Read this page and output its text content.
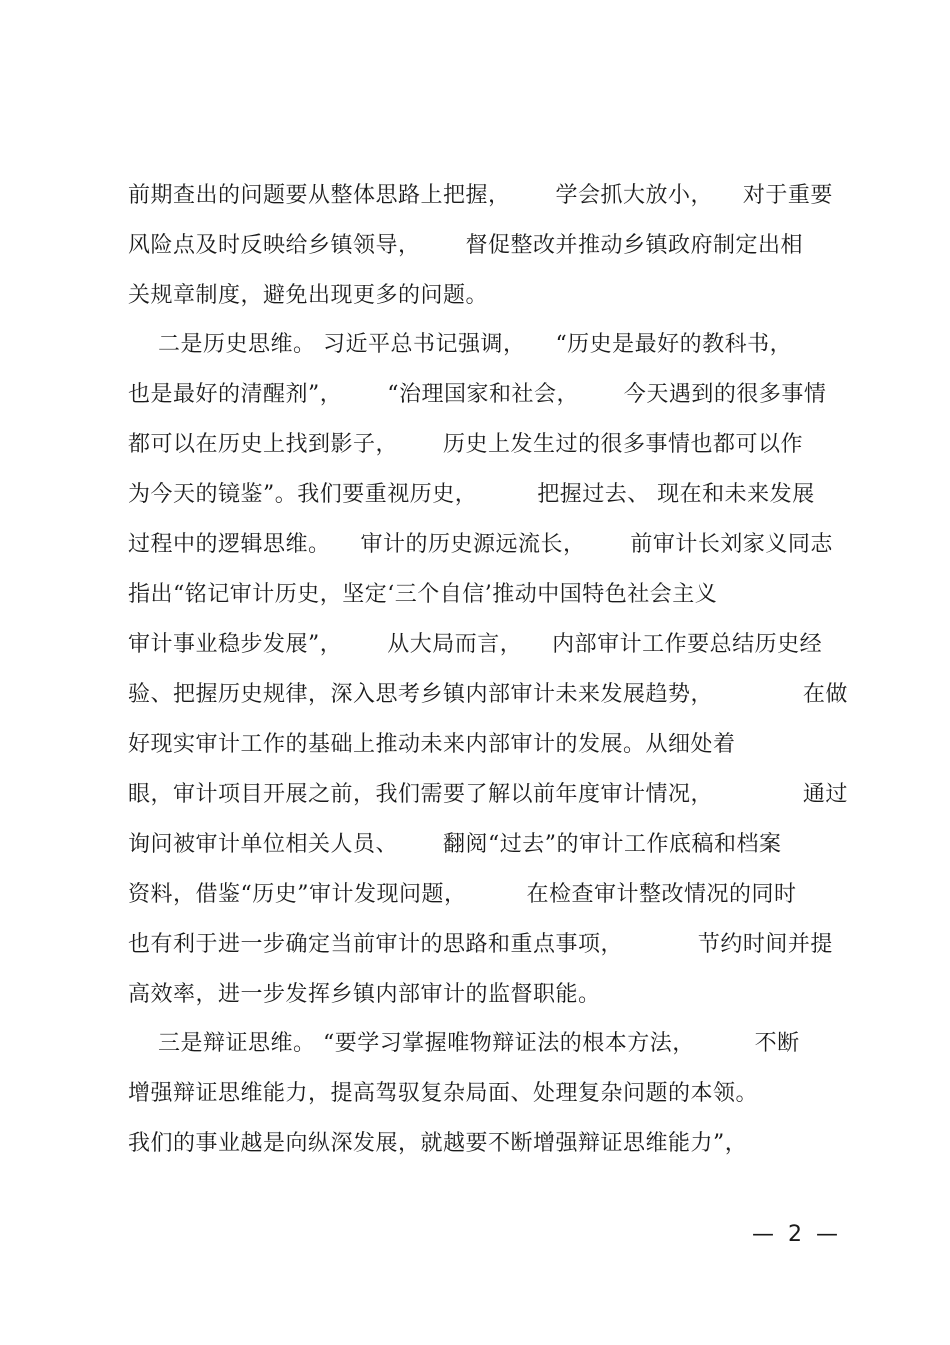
前期查出的问题要从整体思路上把握，      学会抓大放小，    对于重要
风险点及时反映给乡镇领导，      督促整改并推动乡镇政府制定出相
关规章制度，避免出现更多的问题。
二是历史思维。 习近平总书记强调，    “历史是最好的教科书，
也是最好的清醒剂”，      “治理国家和社会，      今天遇到的很多事情
都可以在历史上找到影子，      历史上发生过的很多事情也都可以作
为今天的镜鉴”。我们要重视历史，        把握过去、 现在和未来发展
过程中的逻辑思维。    审计的历史源远流长，      前审计长刘家义同志
指出“铭记审计历史，坚定‘三个自信’推动中国特色社会主义
审计事业稳步发展”，      从大局而言，    内部审计工作要总结历史经
验、把握历史规律，深入思考乡镇内部审计未来发展趋势，            在做
好现实审计工作的基础上推动未来内部审计的发展。从细处着
眼，审计项目开展之前，我们需要了解以前年度审计情况，            通过
询问被审计单位相关人员、      翻阅“过去”的审计工作底稿和档案
资料，借鉴“历史”审计发现问题，        在检查审计整改情况的同时
也有利于进一步确定当前审计的思路和重点事项，          节约时间并提
高效率，进一步发挥乡镇内部审计的监督职能。
三是辩证思维。 “要学习掌握唯物辩证法的根本方法，        不断
增强辩证思维能力，提高驾驭复杂局面、处理复杂问题的本领。
我们的事业越是向纵深发展，就越要不断增强辩证思维能力”，
—  2  —
